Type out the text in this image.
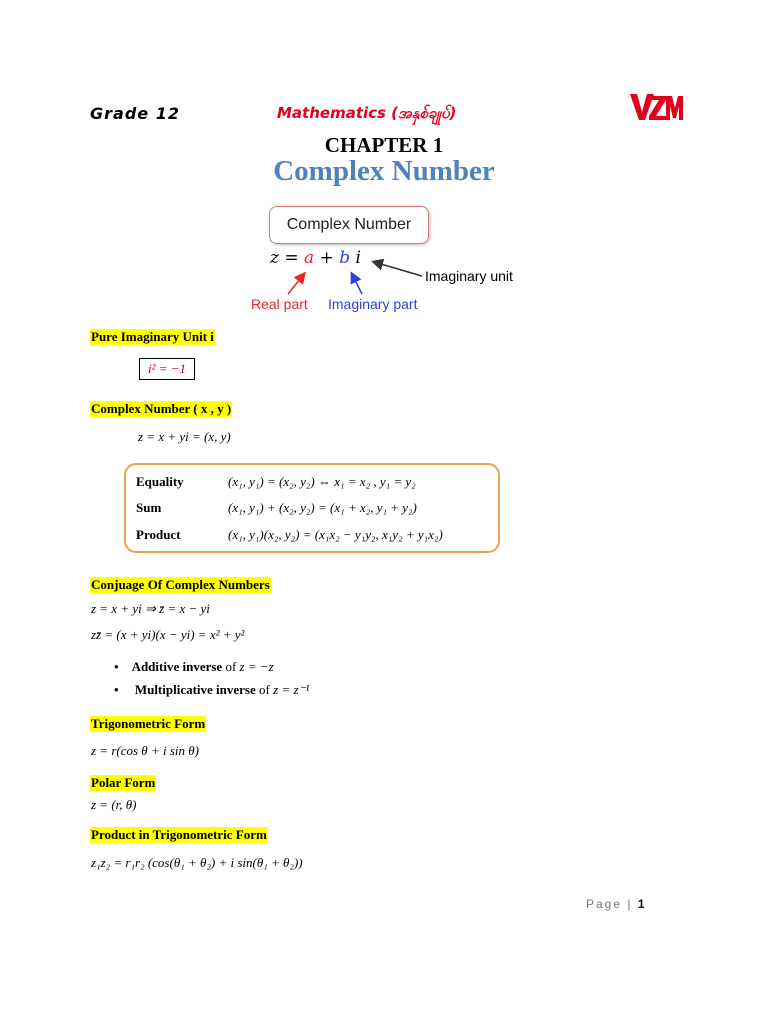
Grade 12	Mathematics (အနှစ်ချုပ်)
CHAPTER 1
Complex Number
Complex Number
z = a + b i
Imaginary unit
Real part Imaginary part
Pure Imaginary Unit i
i² = −1
Complex Number ( x , y )
z = x + yi = (x, y)
Equality	(x₁, y₁) = (x₂, y₂) ⇔ x₁ = x₂ , y₁ = y₂
Sum	(x₁, y₁) + (x₂, y₂) = (x₁ + x₂, y₁ + y₂)
Product	(x₁, y₁)(x₂, y₂) = (x₁x₂ − y₁y₂, x₁y₂ + y₁x₂)
Conjuage Of Complex Numbers
z = x + yi ⇒ z̄ = x − yi
zz̄ = (x + yi)(x − yi) = x² + y²
• Additive inverse of z = −z
• Multiplicative inverse of z = z⁻¹
Trigonometric Form
z = r(cos θ + i sin θ)
Polar Form
z = (r, θ)
Product in Trigonometric Form
z₁z₂ = r₁r₂ (cos(θ₁ + θ₂) + i sin(θ₁ + θ₂))
Page | 1
